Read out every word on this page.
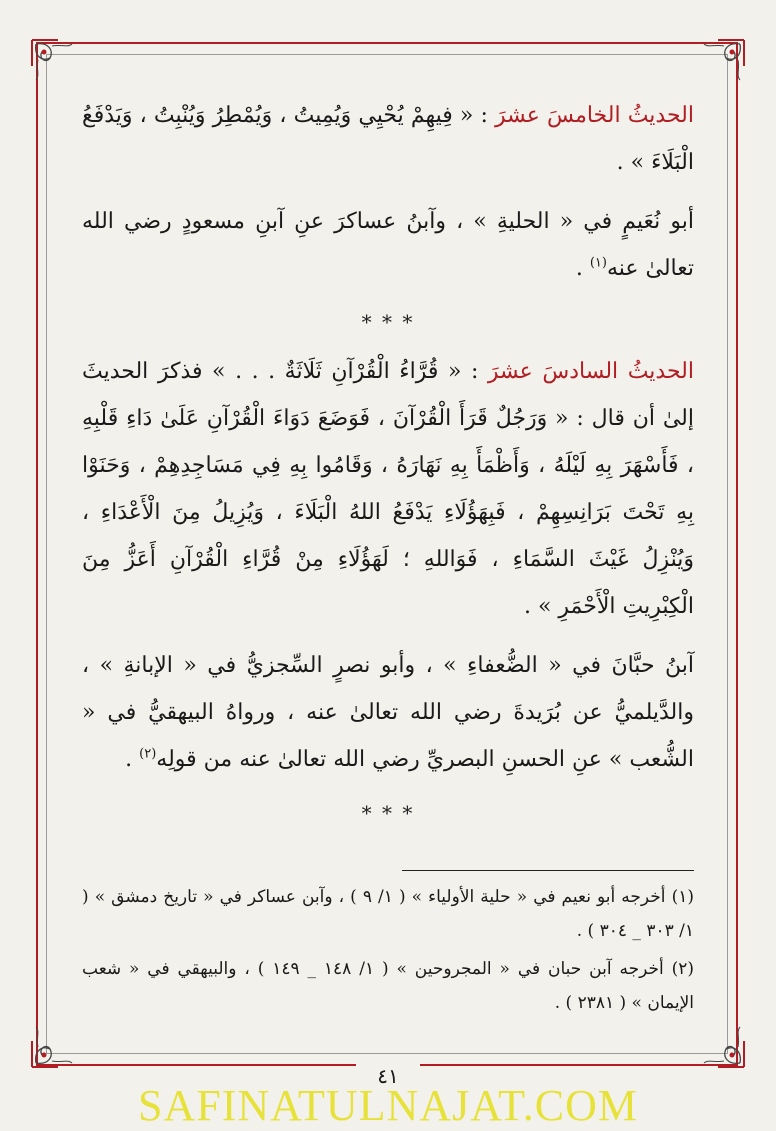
الحديثُ الخامسَ عشرَ : « فِيهِمْ يُحْيِي وَيُمِيتُ ، وَيُمْطِرُ وَيُنْبِتُ ، وَيَدْفَعُ الْبَلَاءَ » .

أبو نُعَيمٍ في « الحليةِ » ، وآبنُ عساكرَ عنِ آبنِ مسعودٍ رضي الله تعالىٰ عنه$^{(١)}$ .

* * *

الحديثُ السادسَ عشرَ : « قُرَّاءُ الْقُرْآنِ ثَلَاثَةٌ . . . » فذكرَ الحديثَ إلىٰ أن قال : « وَرَجُلٌ قَرَأَ الْقُرْآنَ ، فَوَضَعَ دَوَاءَ الْقُرْآنِ عَلَىٰ دَاءِ قَلْبِهِ ، فَأَسْهَرَ بِهِ لَيْلَهُ ، وَأَظْمَأَ بِهِ نَهَارَهُ ، وَقَامُوا بِهِ فِي مَسَاجِدِهِمْ ، وَحَنَوْا بِهِ تَحْتَ بَرَانِسِهِمْ ، فَبِهَؤُلَاءِ يَدْفَعُ اللهُ الْبَلَاءَ ، وَيُزِيلُ مِنَ الْأَعْدَاءِ ، وَيُنْزِلُ غَيْثَ السَّمَاءِ ، فَوَاللهِ ؛ لَهَؤُلَاءِ مِنْ قُرَّاءِ الْقُرْآنِ أَعَزُّ مِنَ الْكِبْرِيتِ الْأَحْمَرِ » .

آبنُ حبَّانَ في « الضُّعفاءِ » ، وأبو نصرٍ السِّجزيُّ في « الإبانةِ » ، والدَّيلميُّ عن بُرَيدةَ رضي الله تعالىٰ عنه ، ورواهُ البيهقيُّ في « الشُّعب » عنِ الحسنِ البصريِّ رضي الله تعالىٰ عنه من قولِه$^{(٢)}$ .

* * *

(١) أخرجه أبو نعيم في « حلية الأولياء » ( ١/ ٩ ) ، وآبن عساكر في « تاريخ دمشق » ( ١/ ٣٠٣ _ ٣٠٤ ) .

(٢) أخرجه آبن حبان في « المجروحين » ( ١/ ١٤٨ _ ١٤٩ ) ، والبيهقي في « شعب الإيمان » ( ٢٣٨١ ) .

٤١
SAFINATULNAJAT.COM
